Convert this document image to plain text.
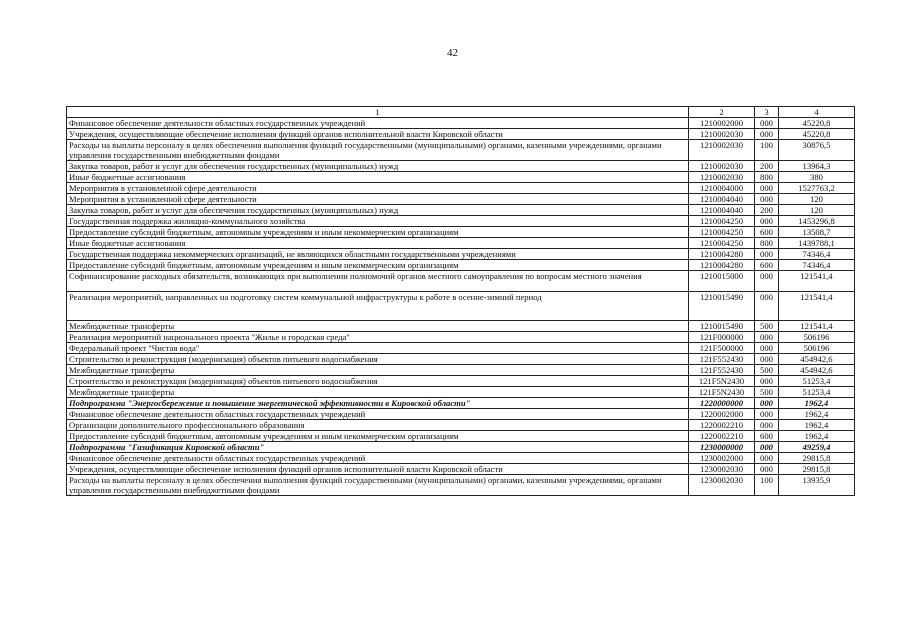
42
1	2	3	4
Финансовое обеспечение деятельности областных государственных учреждений	1210002000	000	45220,8
Учреждения, осуществляющие обеспечение исполнения функций органов исполнительной власти Кировской области	1210002030	000	45220,8
Расходы на выплаты персоналу в целях обеспечения выполнения функций государственными (муниципальными) органами, казенными учреждениями, органами управления государственными внебюджетными фондами	1210002030	100	30876,5
Закупка товаров, работ и услуг для обеспечения государственных (муниципальных) нужд	1210002030	200	13964,3
Иные бюджетные ассигнования	1210002030	800	380
Мероприятия в установленной сфере деятельности	1210004000	000	1527763,2
Мероприятия в установленной сфере деятельности	1210004040	000	120
Закупка товаров, работ и услуг для обеспечения государственных (муниципальных) нужд	1210004040	200	120
Государственная поддержка жилищно-коммунального хозяйства	1210004250	000	1453296,8
Предоставление субсидий бюджетным, автономным учреждениям и иным некоммерческим организациям	1210004250	600	13508,7
Иные бюджетные ассигнования	1210004250	800	1439788,1
Государственная поддержка некоммерческих организаций, не являющихся областными государственными учреждениями	1210004280	000	74346,4
Предоставление субсидий бюджетным, автономным учреждениям и иным некоммерческим организациям	1210004280	600	74346,4
Софинансирование расходных обязательств, возникающих при выполнении полномочий органов местного самоуправления по вопросам местного значения	1210015000	000	121541,4
Реализация мероприятий, направленных на подготовку систем коммунальной инфраструктуры к работе в осенне-зимний период	1210015490	000	121541,4
Межбюджетные трансферты	1210015490	500	121541,4
Реализация мероприятий национального проекта "Жилье и городская среда"	121F000000	000	506196
Федеральный проект "Чистая вода"	121F500000	000	506196
Строительство и реконструкция (модернизация) объектов питьевого водоснабжения	121F552430	000	454942,6
Межбюджетные трансферты	121F552430	500	454942,6
Строительство и реконструкция (модернизация) объектов питьевого водоснабжения	121F5N2430	000	51253,4
Межбюджетные трансферты	121F5N2430	500	51253,4
Подпрограмма "Энергосбережение и повышение энергетической эффективности в Кировской области"	1220000000	000	1962,4
Финансовое обеспечение деятельности областных государственных учреждений	1220002000	000	1962,4
Организации дополнительного профессионального образования	1220002210	000	1962,4
Предоставление субсидий бюджетным, автономным учреждениям и иным некоммерческим организациям	1220002210	600	1962,4
Подпрограмма "Газификация Кировской области"	1230000000	000	49259,4
Финансовое обеспечение деятельности областных государственных учреждений	1230002000	000	29815,8
Учреждения, осуществляющие обеспечение исполнения функций органов исполнительной власти Кировской области	1230002030	000	29815,8
Расходы на выплаты персоналу в целях обеспечения выполнения функций государственными (муниципальными) органами, казенными учреждениями, органами управления государственными внебюджетными фондами	1230002030	100	13935,9
